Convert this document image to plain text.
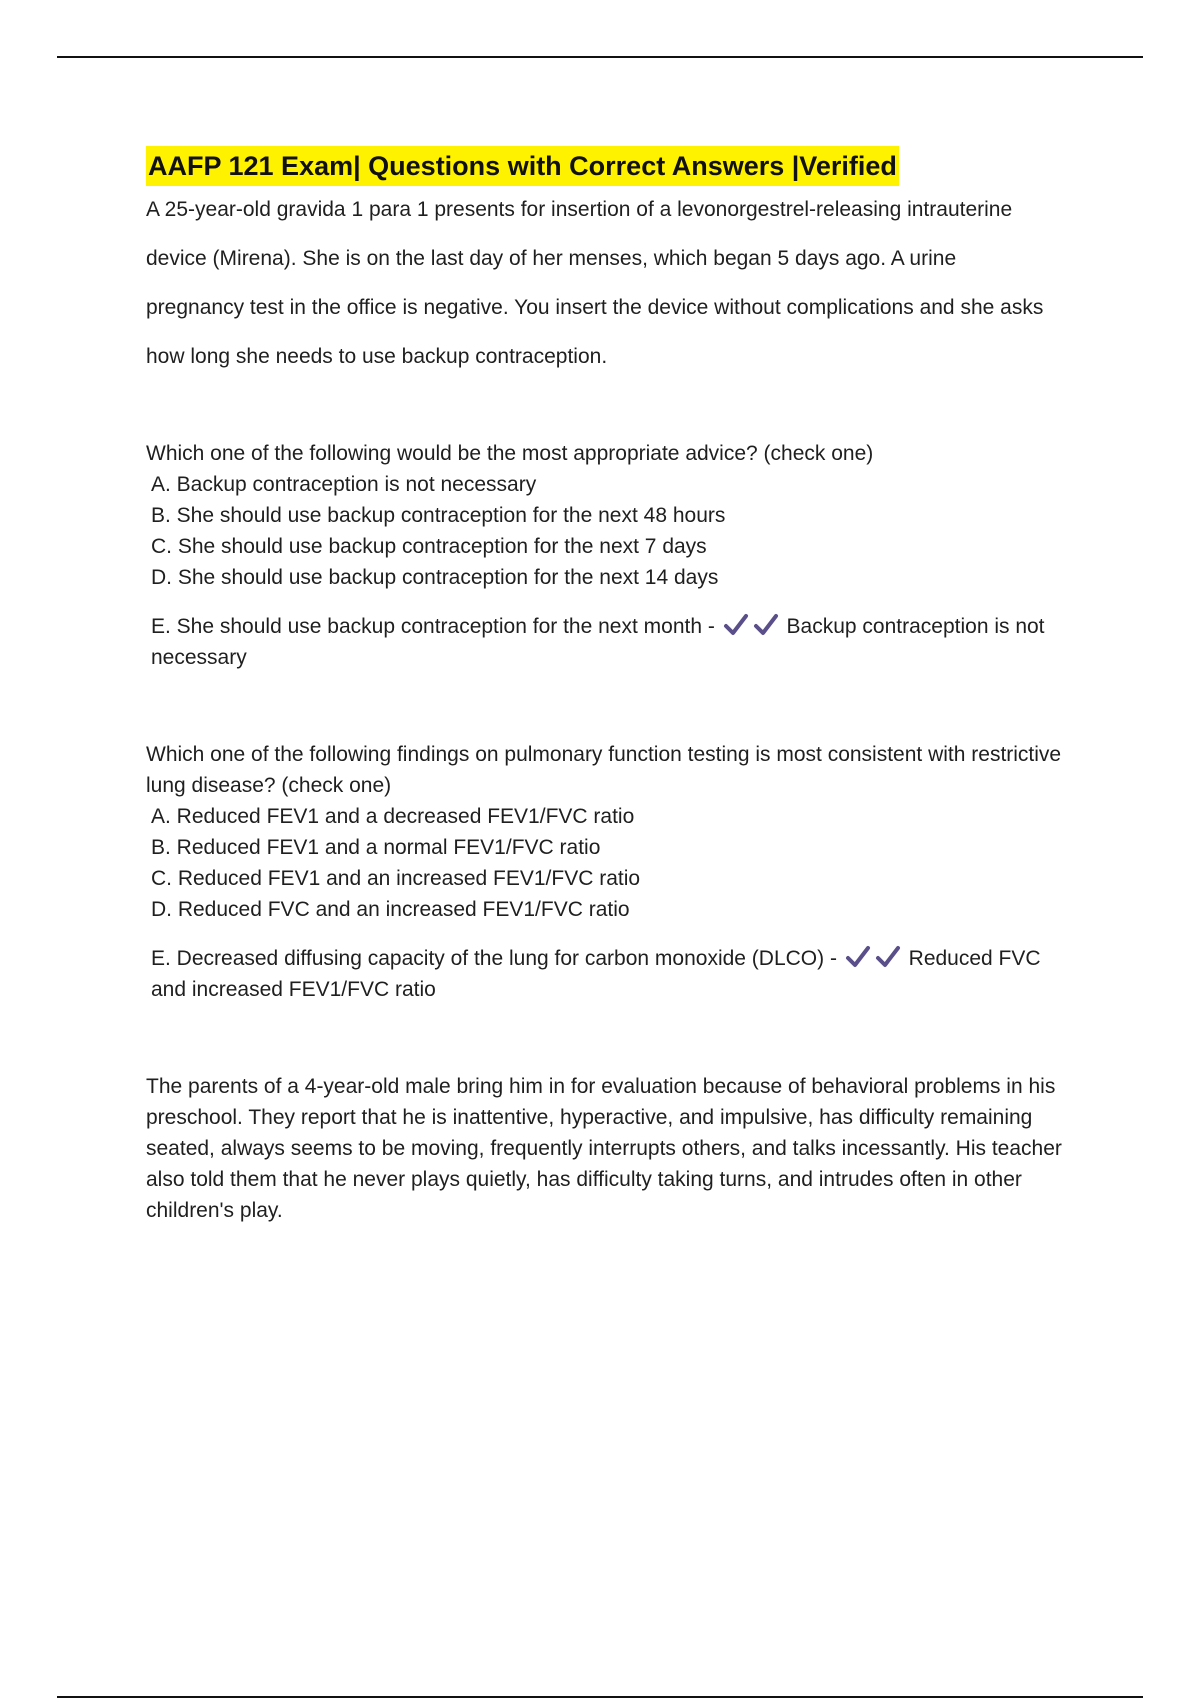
AAFP 121 Exam| Questions with Correct Answers |Verified

A 25-year-old gravida 1 para 1 presents for insertion of a levonorgestrel-releasing intrauterine

device (Mirena). She is on the last day of her menses, which began 5 days ago. A urine

pregnancy test in the office is negative. You insert the device without complications and she asks

how long she needs to use backup contraception.

Which one of the following would be the most appropriate advice? (check one)

A. Backup contraception is not necessary

B. She should use backup contraception for the next 48 hours

C. She should use backup contraception for the next 7 days

D. She should use backup contraception for the next 14 days

E. She should use backup contraception for the next month -	Backup contraception is not necessary

Which one of the following findings on pulmonary function testing is most consistent with restrictive lung disease? (check one)

A. Reduced FEV1 and a decreased FEV1/FVC ratio

B. Reduced FEV1 and a normal FEV1/FVC ratio

C. Reduced FEV1 and an increased FEV1/FVC ratio

D. Reduced FVC and an increased FEV1/FVC ratio

E. Decreased diffusing capacity of the lung for carbon monoxide (DLCO) -	Reduced FVC and increased FEV1/FVC ratio

The parents of a 4-year-old male bring him in for evaluation because of behavioral problems in his preschool. They report that he is inattentive, hyperactive, and impulsive, has difficulty remaining seated, always seems to be moving, frequently interrupts others, and talks incessantly. His teacher also told them that he never plays quietly, has difficulty taking turns, and intrudes often in other children's play.
